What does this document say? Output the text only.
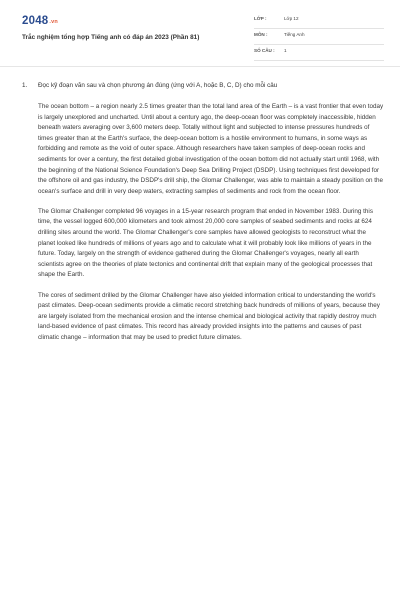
2048.vn
Trắc nghiệm tổng hợp Tiếng anh có đáp án 2023 (Phần 81)
LỚP :	Lớp 12
MÔN :	Tiếng Anh
SỐ CÂU : 1
1. Đọc kỹ đoạn văn sau và chọn phương án đúng (ứng với A, hoặc B, C, D) cho mỗi câu

The ocean bottom – a region nearly 2.5 times greater than the total land area of the Earth – is a vast frontier that even today is largely unexplored and uncharted. Until about a century ago, the deep-ocean floor was completely inaccessible, hidden beneath waters averaging over 3,600 meters deep. Totally without light and subjected to intense pressures hundreds of times greater than at the Earth's surface, the deep-ocean bottom is a hostile environment to humans, in some ways as forbidding and remote as the void of outer space. Although researchers have taken samples of deep-ocean rocks and sediments for over a century, the first detailed global investigation of the ocean bottom did not actually start until 1968, with the beginning of the National Science Foundation's Deep Sea Drilling Project (DSDP). Using techniques first developed for the offshore oil and gas industry, the DSDP's drill ship, the Glomar Challenger, was able to maintain a steady position on the ocean's surface and drill in very deep waters, extracting samples of sediments and rock from the ocean floor.

The Glomar Challenger completed 96 voyages in a 15-year research program that ended in November 1983. During this time, the vessel logged 600,000 kilometers and took almost 20,000 core samples of seabed sediments and rocks at 624 drilling sites around the world. The Glomar Challenger's core samples have allowed geologists to reconstruct what the planet looked like hundreds of millions of years ago and to calculate what it will probably look like millions of years in the future. Today, largely on the strength of evidence gathered during the Glomar Challenger's voyages, nearly all earth scientists agree on the theories of plate tectonics and continental drift that explain many of the geological processes that shape the Earth.

The cores of sediment drilled by the Glomar Challenger have also yielded information critical to understanding the world's past climates. Deep-ocean sediments provide a climatic record stretching back hundreds of millions of years, because they are largely isolated from the mechanical erosion and the intense chemical and biological activity that rapidly destroy much land-based evidence of past climates. This record has already provided insights into the patterns and causes of past climatic change – information that may be used to predict future climates.
